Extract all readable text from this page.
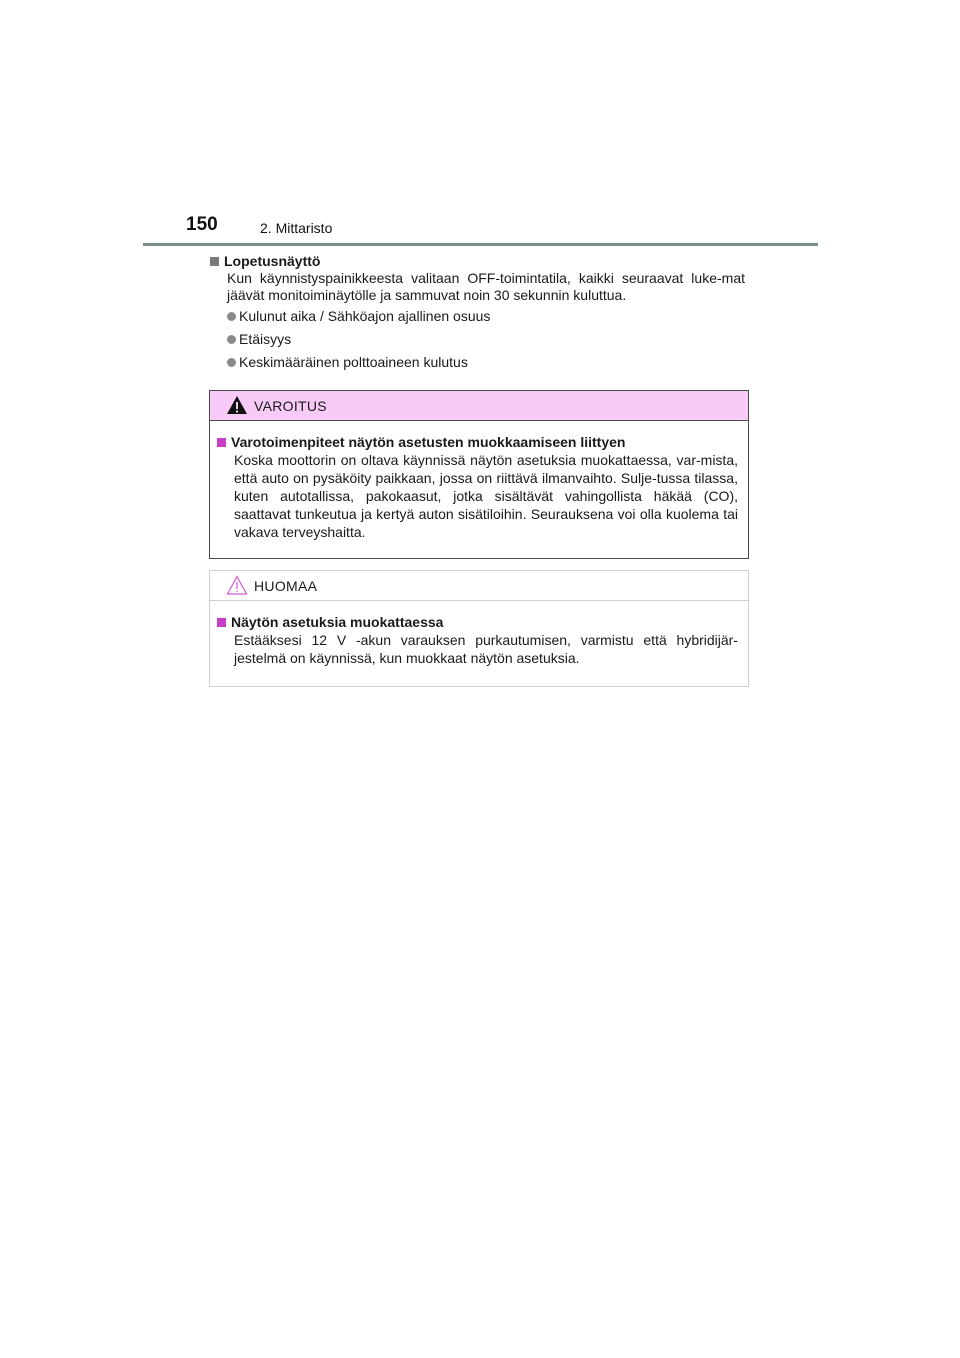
150	2. Mittaristo
Lopetusnäyttö
Kun käynnistyspainikkeesta valitaan OFF-toimintatila, kaikki seuraavat luke-mat jäävät monitoiminäytölle ja sammuvat noin 30 sekunnin kuluttua.
Kulunut aika / Sähköajon ajallinen osuus
Etäisyys
Keskimääräinen polttoaineen kulutus
VAROITUS
Varotoimenpiteet näytön asetusten muokkaamiseen liittyen
Koska moottorin on oltava käynnissä näytön asetuksia muokattaessa, var-mista, että auto on pysäköity paikkaan, jossa on riittävä ilmanvaihto. Sulje-tussa tilassa, kuten autotallissa, pakokaasut, jotka sisältävät vahingollista häkää (CO), saattavat tunkeutua ja kertyä auton sisätiloihin. Seurauksena voi olla kuolema tai vakava terveyshaitta.
HUOMAA
Näytön asetuksia muokattaessa
Estääksesi 12 V -akun varauksen purkautumisen, varmistu että hybridijär-jestelmä on käynnissä, kun muokkaat näytön asetuksia.
